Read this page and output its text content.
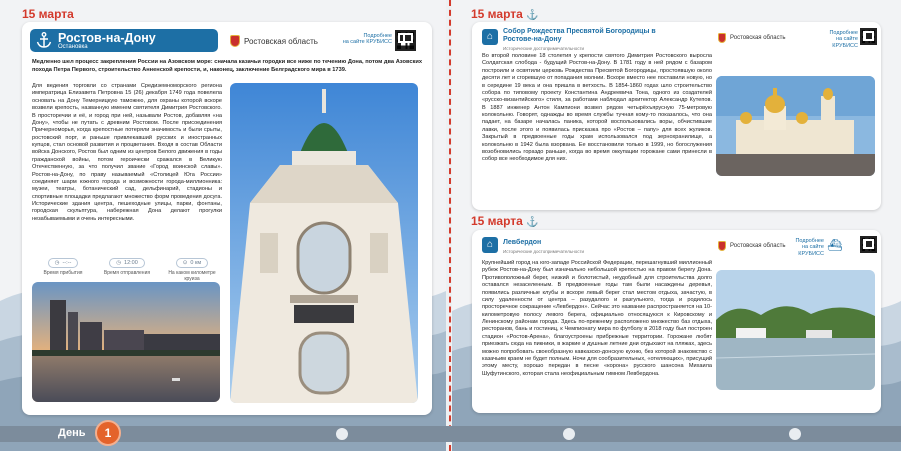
15 марта
Ростов-на-Дону
Остановка
Ростовская область
Подробнее
на сайте КРУБИСС
Медленно шел процесс закрепления России на Азовском море: сначала казачьи городки все ниже по течению Дона, потом два Азовских похода Петра Первого, строительство Анненской крепости, и, наконец, заключение Белградского мира в 1739.
Для ведения торговли со странами Средиземноморского региона императрица Елизавета Петровна 15 (26) декабря 1749 года повелела основать на Дону Темерницкую таможню, для охраны которой вскоре возвели крепость, названную именем святителя Димитрия Ростовского. В просторечии и её, и город при ней, называли Ростов, добавляя «на Дону», чтобы не путать с древним Ростовом. После присоединения Причерноморья, когда крепостные потеряли значимость и были срыты, ростовский порт, и раньше привлекавший русских и иностранных купцов, стал основой развития и процветания. Входя в состав Области войска Донского, Ростов был одним из центров Белого движения в годы гражданской войны, потом героически сражался в Великую Отечественную, за что получил звание «Город воинской славы». Ростов-на-Дону, по праву называемый «Столицей Юга России» соединяет шарм южного города и возможности города-миллионника: музеи, театры, ботанический сад, дельфинарий, стадионы и спортивные площадки предлагают множество форм проведения досуга. Исторические здания центра, пешеходные улицы, парки, фонтаны, городская скульптура, набережная Дона делают прогулки незабываемыми и очень интересными.
◷ --:--
Время прибытия
◷ 12:00
Время отправления
⊙ 0 км
На каком километре круиза
15 марта ⚓
⌂	Собор Рождества Пресвятой Богородицы в Ростове-на-Дону
Исторические достопримечательности
Ростовская область
Подробнее
на сайте КРУБИСС
Во второй половине 18 столетия у крепости святого Димитрия Ростовского выросла Солдатская слобода - будущий Ростов-на-Дону. В 1781 году в ней рядом с базаром построили и освятили церковь Рождества Пресвятой Богородицы, простоявшую около десяти лет и сгоревшую от попадания молнии. Вскоре вместо нее поставили новую, но в середине 19 века и она пришла в ветхость. В 1854-1860 годах шло строительство собора по типовому проекту Константина Андреевича Тона, одного из создателей «русско-византийского» стиля, за работами наблюдал архитектор Александр Кутепов. В 1887 инженер Антон Кампиони возвел рядом четырёхъярусную 75-метровую колокольню. Говорят, однажды во время службы тучная кому-то показалось, что она падает, на базаре началась паника, которой воспользовались воры, обчистившие лавки, после этого и появилась присказка про «Ростов – папу» для всех жуликов. Закрытый в предвоенные годы храм использовался под зернохранилище, а колокольню в 1942 была взорвана. Ее восстановили только в 1999, но богослужения возобновились гораздо раньше, когда во время оккупации горожане сами принесли в собор все необходимое для них.
15 марта ⚓
⌂	Левбердон
Исторические достопримечательности
Ростовская область	⛴
Подробнее
на сайте КРУБИСС
Крупнейший город на юго-западе Российской Федерации, перешагнувший миллионный рубеж Ростов-на-Дону был изначально небольшой крепостью на правом берегу Дона. Противоположный берег, низкий и болотистый, неудобный для строительства долго оставался незаселенным. В предвоенные годы там были насаждены деревья, появились различные клубы и вскоре левый берег стал местом отдыха, зачастую, в силу удаленности от центра – разудалого и разгульного, тогда и родилось просторечное сокращение «Левбердон». Сейчас это название распространяется на 10-километровую полосу левого берега, официально относящуюся к Кировскому и Ленинскому районам города. Здесь по-прежнему расположено множество баз отдыха, ресторанов, бань и гостиниц, к Чемпионату мира по футболу в 2018 году был построен стадион «Ростов-Арена», благоустроены прибрежные территории. Горожане любят приезжать сюда на пикники, в жаркие и душные летние дни отдыхают на пляжах, здесь можно попробовать своеобразную кавказско-донскую кухню, без которой знакомство с казачьим краем не будет полным. Ночи для сообразительных, «отеляющих», присущий этому месту, хорошо передан в песне «корона» русского шансона Михаила Шуфутинского, которая стала неофициальным гимном Левбердона.
День	1
